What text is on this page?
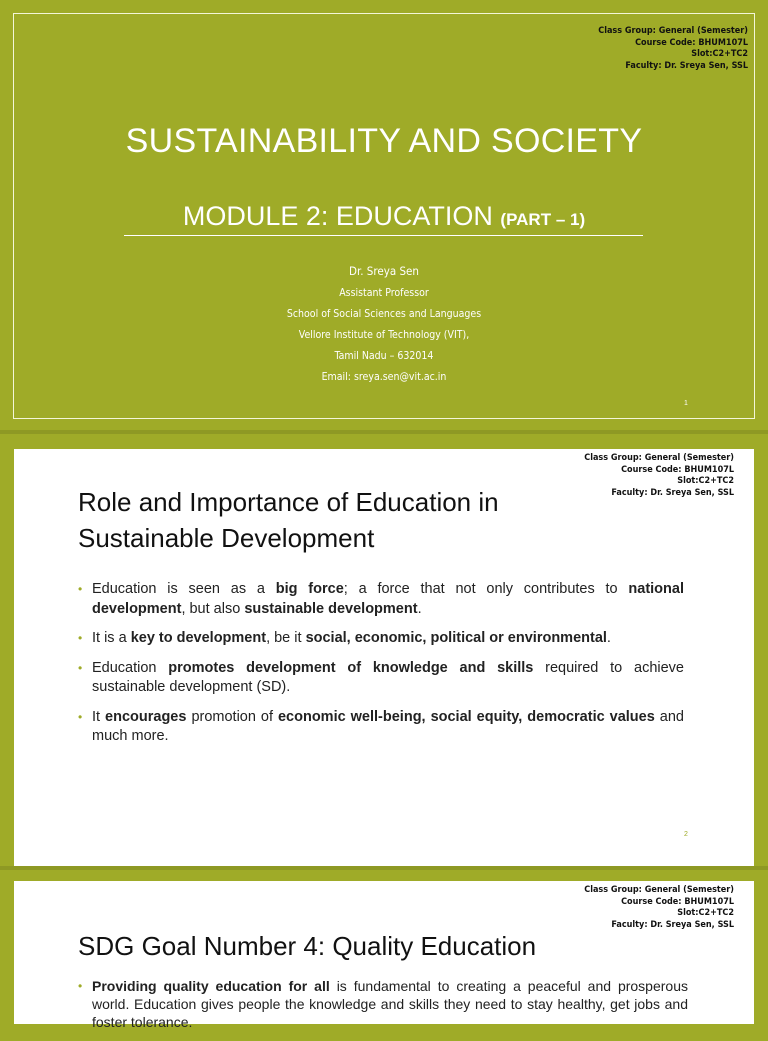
Class Group: General (Semester)
Course Code: BHUM107L
Slot:C2+TC2
Faculty: Dr. Sreya Sen, SSL
SUSTAINABILITY AND SOCIETY
MODULE 2: EDUCATION (PART – 1)
Dr. Sreya Sen
Assistant Professor
School of Social Sciences and Languages
Vellore Institute of Technology (VIT),
Tamil Nadu – 632014
Email: sreya.sen@vit.ac.in
1
Class Group: General (Semester)
Course Code: BHUM107L
Slot:C2+TC2
Faculty: Dr. Sreya Sen, SSL
Role and Importance of Education in
Sustainable Development
• Education is seen as a big force; a force that not only contributes to national development, but also sustainable development.
• It is a key to development, be it social, economic, political or environmental.
• Education promotes development of knowledge and skills required to achieve sustainable development (SD).
• It encourages promotion of economic well-being, social equity, democratic values and much more.
2
Class Group: General (Semester)
Course Code: BHUM107L
Slot:C2+TC2
Faculty: Dr. Sreya Sen, SSL
SDG Goal Number 4: Quality Education
• Providing quality education for all is fundamental to creating a peaceful and prosperous world. Education gives people the knowledge and skills they need to stay healthy, get jobs and foster tolerance.
